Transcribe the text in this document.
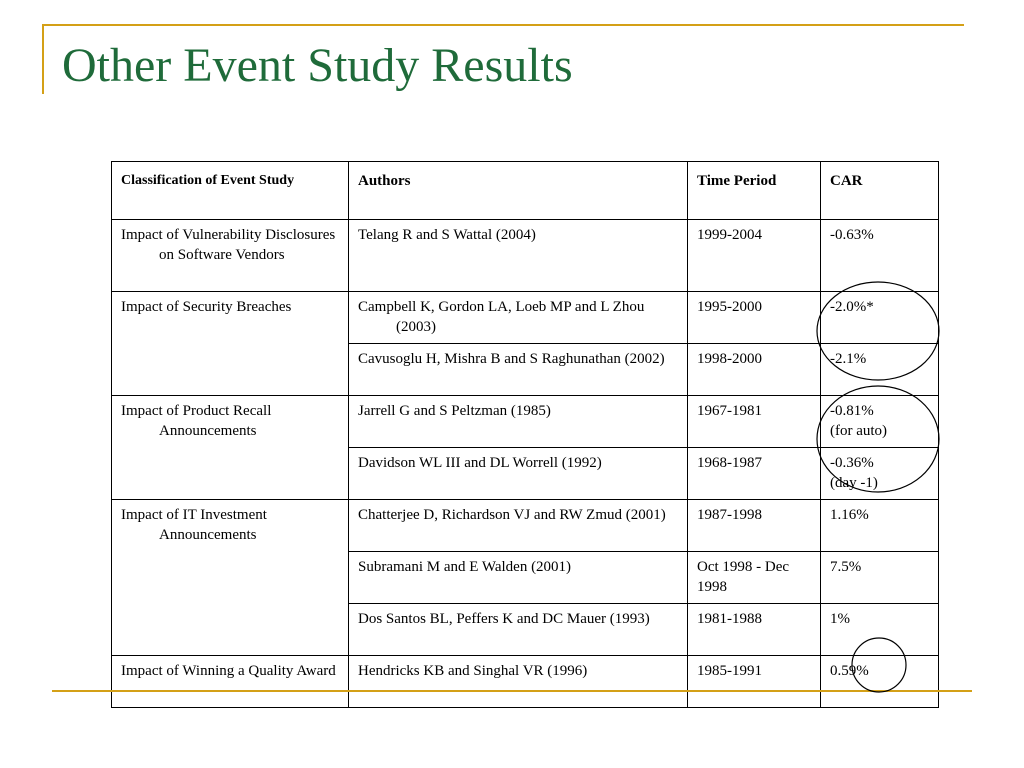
Other Event Study Results
Classification of Event Study	Authors	Time Period	CAR

Impact of Vulnerability Disclosures on Software Vendors	Telang R and S Wattal (2004)	1999-2004	-0.63%

Impact of Security Breaches	Campbell K, Gordon LA, Loeb MP and L Zhou (2003)	1995-2000	-2.0%*

	Cavusoglu H, Mishra B and S Raghunathan (2002)	1998-2000	-2.1%

Impact of Product Recall Announcements	Jarrell G and S Peltzman (1985)	1967-1981	-0.81%
(for auto)

	Davidson WL III and DL Worrell (1992)	1968-1987	-0.36%
(day -1)

Impact of IT Investment Announcements	Chatterjee D, Richardson VJ and RW Zmud (2001)	1987-1998	1.16%

	Subramani M and E Walden (2001)	Oct 1998 - Dec 1998	7.5%

	Dos Santos BL, Peffers K and DC Mauer (1993)	1981-1988	1%

Impact of Winning a Quality Award	Hendricks KB and Singhal VR (1996)	1985-1991	0.59%
